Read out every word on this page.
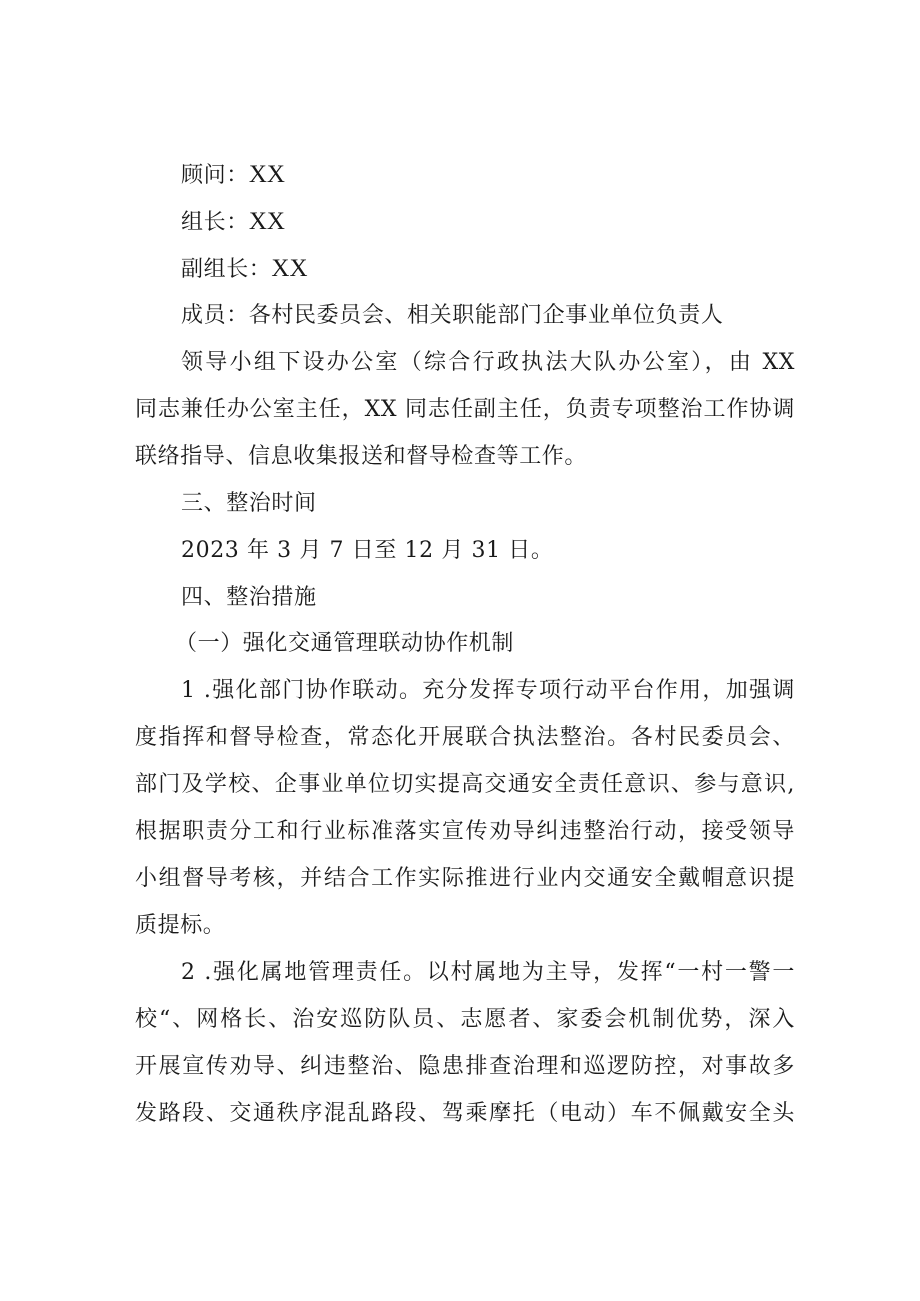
顾问：XX
组长：XX
副组长：XX
成员：各村民委员会、相关职能部门企事业单位负责人
领导小组下设办公室（综合行政执法大队办公室），由 XX
同志兼任办公室主任，XX 同志任副主任，负责专项整治工作协调
联络指导、信息收集报送和督导检查等工作。
三、整治时间
2023 年 3 月 7 日至 12 月 31 日。
四、整治措施
（一）强化交通管理联动协作机制
1 .强化部门协作联动。充分发挥专项行动平台作用，加强调
度指挥和督导检查，常态化开展联合执法整治。各村民委员会、
部门及学校、企事业单位切实提高交通安全责任意识、参与意识,
根据职责分工和行业标准落实宣传劝导纠违整治行动，接受领导
小组督导考核，并结合工作实际推进行业内交通安全戴帽意识提
质提标。
2 .强化属地管理责任。以村属地为主导，发挥“一村一警一
校“、网格长、治安巡防队员、志愿者、家委会机制优势，深入
开展宣传劝导、纠违整治、隐患排查治理和巡逻防控，对事故多
发路段、交通秩序混乱路段、驾乘摩托（电动）车不佩戴安全头
